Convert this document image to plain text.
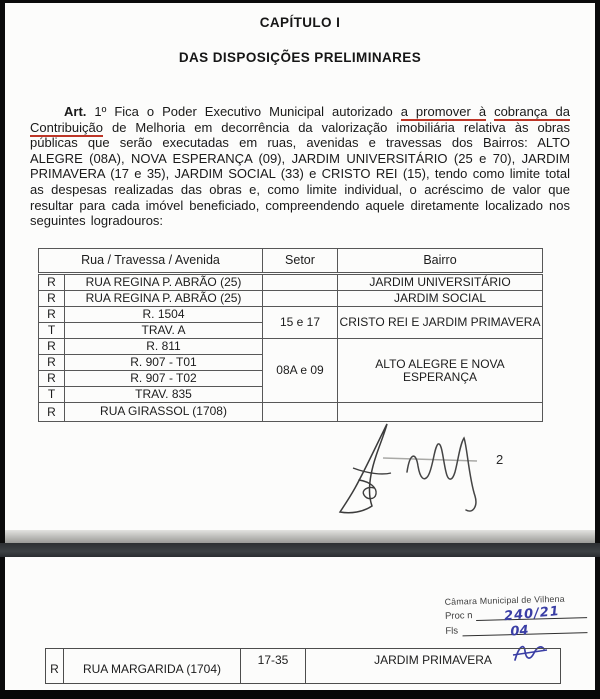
CAPÍTULO I
DAS DISPOSIÇÕES PRELIMINARES

Art. 1º Fica o Poder Executivo Municipal autorizado a promover à cobrança da Contribuição de Melhoria em decorrência da valorização imobiliária relativa às obras públicas que serão executadas em ruas, avenidas e travessas dos Bairros: ALTO ALEGRE (08A), NOVA ESPERANÇA (09), JARDIM UNIVERSITÁRIO (25 e 70), JARDIM PRIMAVERA (17 e 35), JARDIM SOCIAL (33) e CRISTO REI (15), tendo como limite total as despesas realizadas das obras e, como limite individual, o acréscimo de valor que resultar para cada imóvel beneficiado, compreendendo aquele diretamente localizado nos seguintes logradouros:

Rua / Travessa / Avenida		Setor	Bairro
R	RUA REGINA P. ABRÃO (25)		JARDIM UNIVERSITÁRIO
R	RUA REGINA P. ABRÃO (25)		JARDIM SOCIAL
R	R. 1504	15 e 17	CRISTO REI E JARDIM PRIMAVERA
T	TRAV. A		
R	R. 811	08A e 09	ALTO ALEGRE E NOVA ESPERANÇA
R	R. 907 - T01		
R	R. 907 - T02		
T	TRAV. 835		
R	RUA GIRASSOL (1708)		
2
Câmara Municipal de Vilhena
Proc n 240/21
Fls	04
R	RUA MARGARIDA (1704)	17-35	JARDIM PRIMAVERA
